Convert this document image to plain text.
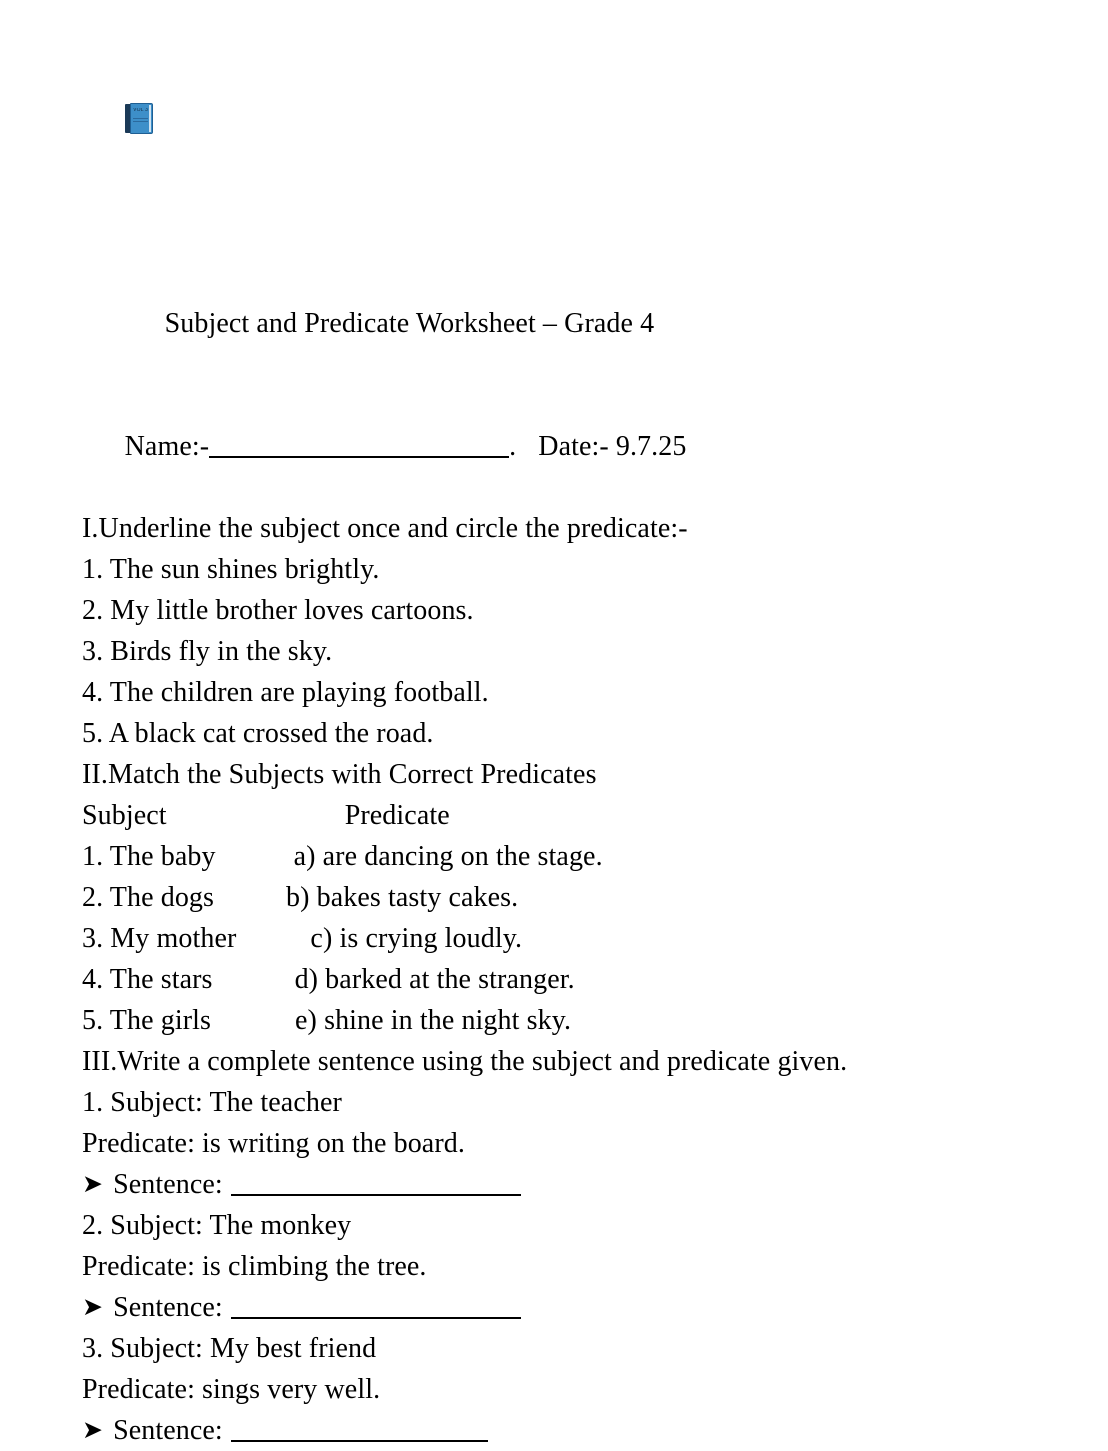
VOL 3

Subject and Predicate Worksheet – Grade 4

Name:-	. Date:- 9.7.25

I.Underline the subject once and circle the predicate:-
1. The sun shines brightly.
2. My little brother loves cartoons.
3. Birds fly in the sky.
4. The children are playing football.
5. A black cat crossed the road.
II.Match the Subjects with Correct Predicates
Subject	Predicate
1. The baby	a) are dancing on the stage.
2. The dogs	b) bakes tasty cakes.
3. My mother	c) is crying loudly.
4. The stars	d) barked at the stranger.
5. The girls	e) shine in the night sky.
III.Write a complete sentence using the subject and predicate given.
1. Subject: The teacher
Predicate: is writing on the board.
➤ Sentence:
2. Subject: The monkey
Predicate: is climbing the tree.
➤ Sentence:
3. Subject: My best friend
Predicate: sings very well.
➤ Sentence:
